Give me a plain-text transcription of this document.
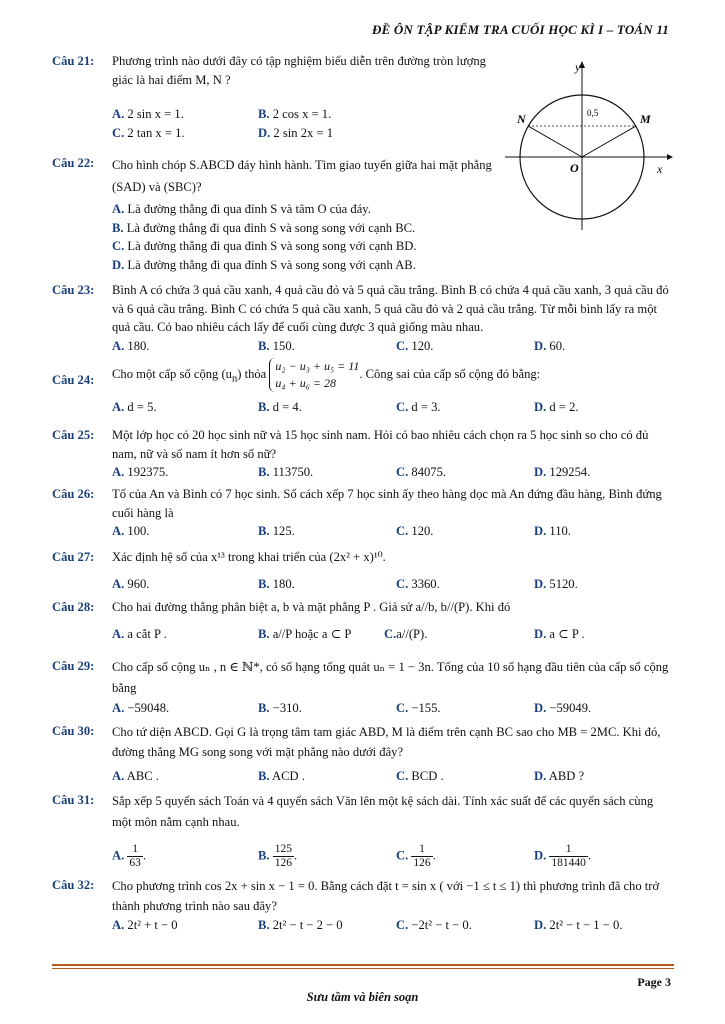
ĐỀ ÔN TẬP KIỂM TRA CUỐI HỌC KÌ I – TOÁN 11
Câu 21: Phương trình nào dưới đây có tập nghiệm biểu diễn trên đường tròn lượng giác là hai điểm M, N ?
A. 2 sin x = 1.	B. 2 cos x = 1.
C. 2 tan x = 1.	D. 2 sin 2x = 1
y
x
O
N	M
0,5
Câu 22: Cho hình chóp S.ABCD đáy hình hành. Tìm giao tuyến giữa hai mặt phẳng (SAD) và (SBC)?
A. Là đường thẳng đi qua đỉnh S và tâm O của đáy.
B. Là đường thẳng đi qua đỉnh S và song song với cạnh BC.
C. Là đường thẳng đi qua đỉnh S và song song với cạnh BD.
D. Là đường thẳng đi qua đỉnh S và song song với cạnh AB.
Câu 23: Bình A có chứa 3 quả cầu xanh, 4 quả cầu đỏ và 5 quả cầu trắng. Bình B có chứa 4 quả cầu xanh, 3 quả cầu đỏ và 6 quả cầu trắng. Bình C có chứa 5 quả cầu xanh, 5 quả cầu đỏ và 2 quả cầu trắng. Từ mỗi bình lấy ra một quả cầu. Có bao nhiêu cách lấy để cuối cùng được 3 quả giống màu nhau.
A. 180.	B. 150.	C. 120.	D. 60.
Câu 24: Cho một cấp số cộng $(u_n)$ thỏa u₂ − u₃ + u₅ = 11
u₄ + u₆ = 28. Công sai của cấp số cộng đó bằng:
A. d = 5.	B. d = 4.	C. d = 3.	D. d = 2.
Câu 25: Một lớp học có 20 học sinh nữ và 15 học sinh nam. Hỏi có bao nhiêu cách chọn ra 5 học sinh so cho có đủ nam, nữ và số nam ít hơn số nữ?
A. 192375.	B. 113750.	C. 84075.	D. 129254.
Câu 26: Tổ của An và Bình có 7 học sinh. Số cách xếp 7 học sinh ấy theo hàng dọc mà An đứng đầu hàng, Bình đứng cuối hàng là
A. 100.	B. 125.	C. 120.	D. 110.
Câu 27: Xác định hệ số của x¹³ trong khai triển của (2x² + x)¹⁰.
A. 960.	B. 180.	C. 3360.	D. 5120.
Câu 28: Cho hai đường thẳng phân biệt a, b và mặt phẳng P . Giả sử a//b, b//(P). Khi đó
A. a cắt P .	B. a//P hoặc a ⊂ P	C.a//(P).	D. a ⊂ P .
Câu 29: Cho cấp số cộng uₙ , n ∈ ℕ*, có số hạng tổng quát uₙ = 1 − 3n. Tổng của 10 số hạng đầu tiên của cấp số cộng bằng
A. −59048.	B. −310.	C. −155.	D. −59049.
Câu 30: Cho tứ diện ABCD. Gọi G là trọng tâm tam giác ABD, M là điểm trên cạnh BC sao cho MB = 2MC. Khi đó, đường thẳng MG song song với mặt phẳng nào dưới đây?
A. ABC .	B. ACD .	C. BCD .	D. ABD ?
Câu 31: Sắp xếp 5 quyển sách Toán và 4 quyển sách Văn lên một kệ sách dài. Tính xác suất để các quyển sách cùng một môn nằm cạnh nhau.
A. $\frac{1}{63}$ .	B. $\frac{125}{126}$ .	C. $\frac{1}{126}$ .	D. $\frac{1}{181440}$ .
Câu 32: Cho phương trình cos 2x + sin x − 1 = 0. Bằng cách đặt t = sin x ( với −1 ≤ t ≤ 1) thì phương trình đã cho trở thành phương trình nào sau đây?
A. 2t² + t − 0	B. 2t² − t − 2 − 0	C. −2t² − t − 0.	D. 2t² − t − 1 − 0.
Page 3
Sưu tầm và biên soạn
